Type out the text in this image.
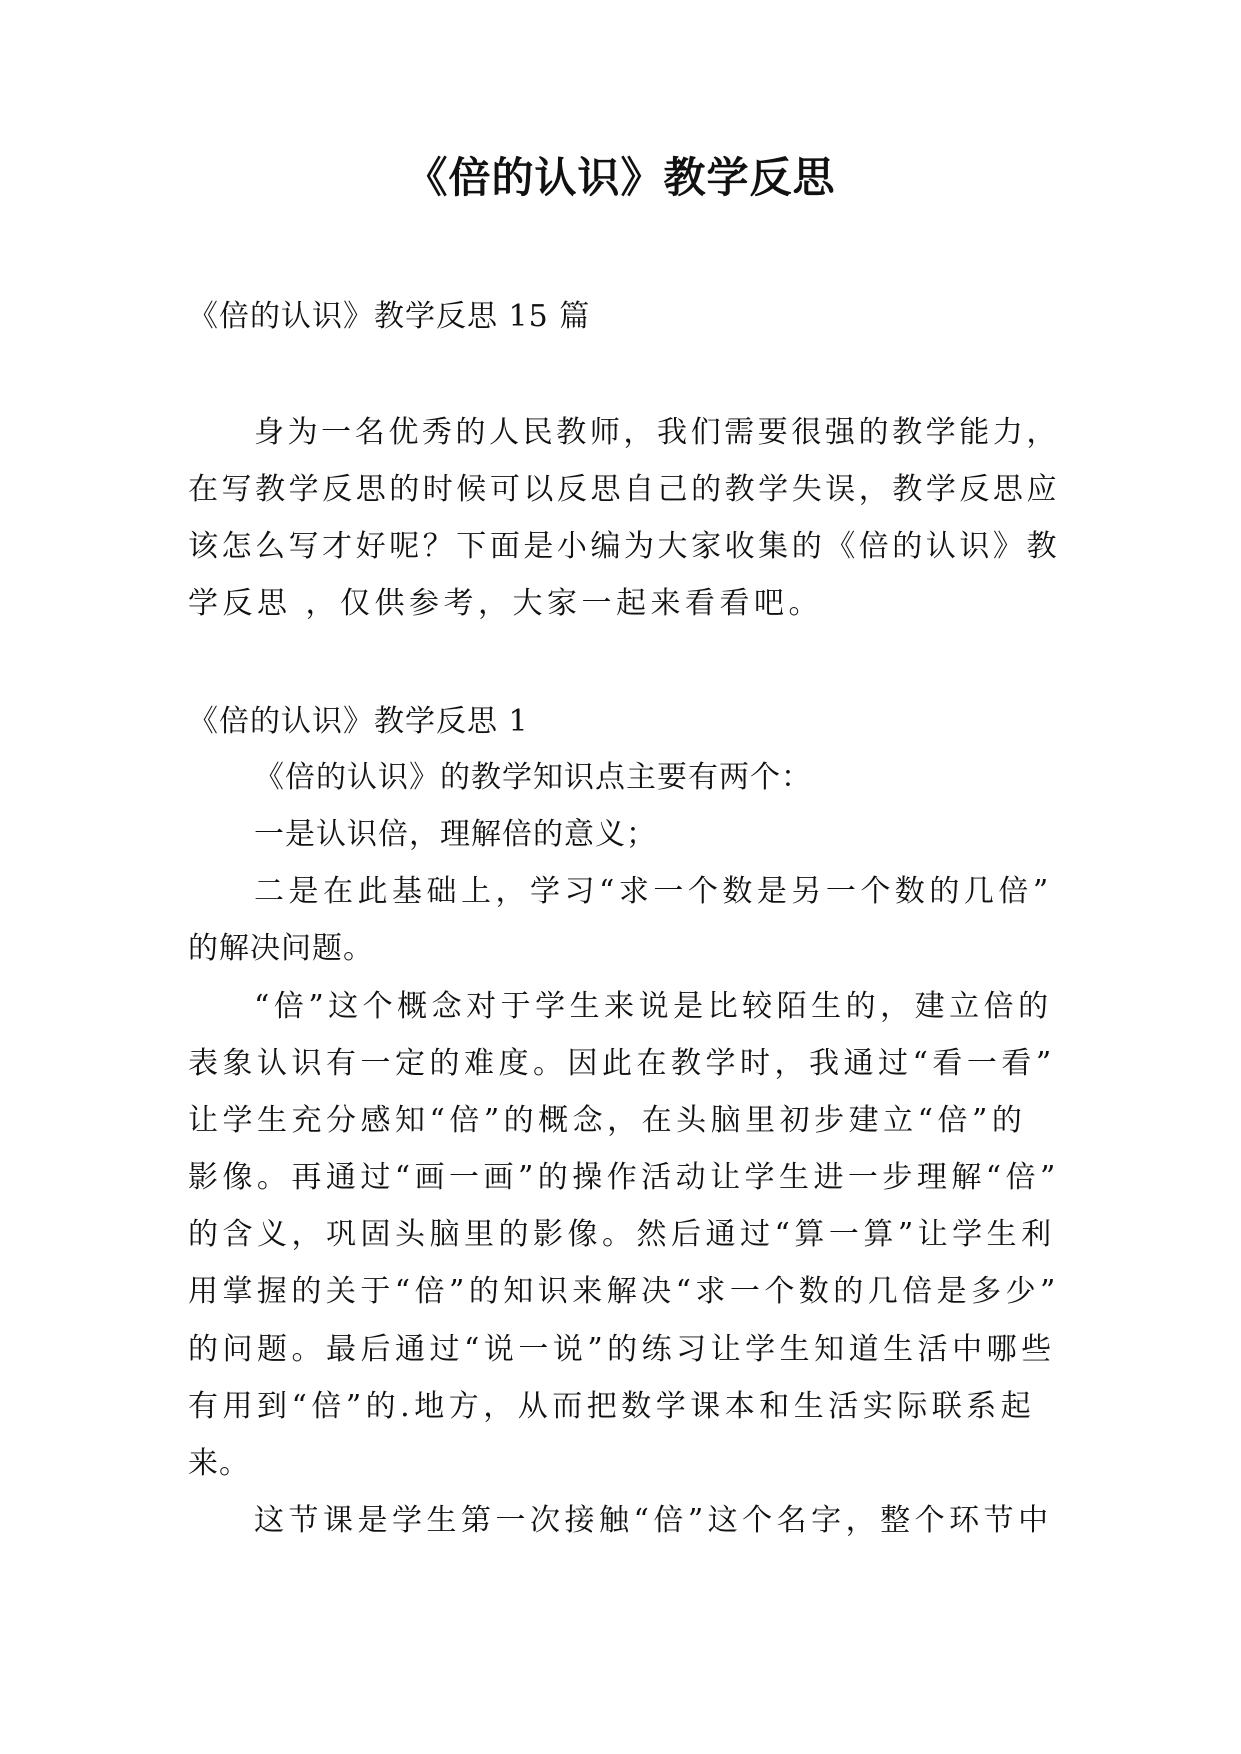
《倍的认识》教学反思
《倍的认识》教学反思 15 篇
身为一名优秀的人民教师，我们需要很强的教学能力，
在写教学反思的时候可以反思自己的教学失误，教学反思应
该怎么写才好呢？下面是小编为大家收集的《倍的认识》教
学反思 ，仅供参考，大家一起来看看吧。
《倍的认识》教学反思 1
《倍的认识》的教学知识点主要有两个：
一是认识倍，理解倍的意义；
二是在此基础上，学习“求一个数是另一个数的几倍”
的解决问题。
“倍”这个概念对于学生来说是比较陌生的，建立倍的
表象认识有一定的难度。因此在教学时，我通过“看一看”
让学生充分感知“倍”的概念，在头脑里初步建立“倍”的
影像。再通过“画一画”的操作活动让学生进一步理解“倍”
的含义，巩固头脑里的影像。然后通过“算一算”让学生利
用掌握的关于“倍”的知识来解决“求一个数的几倍是多少”
的问题。最后通过“说一说”的练习让学生知道生活中哪些
有用到“倍”的.地方，从而把数学课本和生活实际联系起
来。
这节课是学生第一次接触“倍”这个名字，整个环节中
